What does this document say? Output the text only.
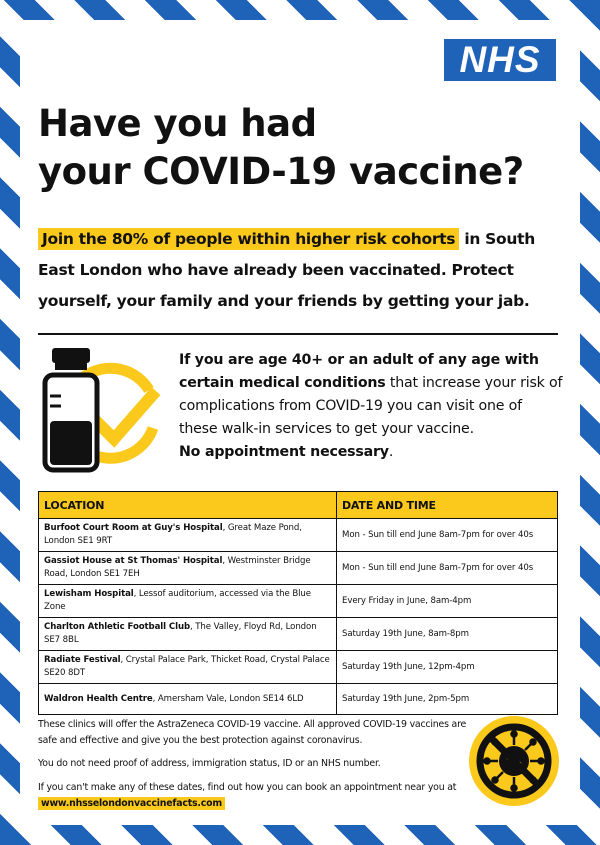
NHS
Have you had
your COVID-19 vaccine?

Join the 80% of people within higher risk cohorts in South East London who have already been vaccinated. Protect yourself, your family and your friends by getting your jab.

If you are age 40+ or an adult of any age with certain medical conditions that increase your risk of complications from COVID-19 you can visit one of these walk-in services to get your vaccine.
No appointment necessary.

LOCATION	DATE AND TIME
Burfoot Court Room at Guy's Hospital, Great Maze Pond, London SE1 9RT	Mon - Sun till end June 8am-7pm for over 40s
Gassiot House at St Thomas' Hospital, Westminster Bridge Road, London SE1 7EH	Mon - Sun till end June 8am-7pm for over 40s
Lewisham Hospital, Lessof auditorium, accessed via the Blue Zone	Every Friday in June, 8am-4pm
Charlton Athletic Football Club, The Valley, Floyd Rd, London SE7 8BL	Saturday 19th June, 8am-8pm
Radiate Festival, Crystal Palace Park, Thicket Road, Crystal Palace SE20 8DT	Saturday 19th June, 12pm-4pm
Waldron Health Centre, Amersham Vale, London SE14 6LD	Saturday 19th June, 2pm-5pm

These clinics will offer the AstraZeneca COVID-19 vaccine. All approved COVID-19 vaccines are safe and effective and give you the best protection against coronavirus.

You do not need proof of address, immigration status, ID or an NHS number.

If you can't make any of these dates, find out how you can book an appointment near you at www.nhsselondonvaccinefacts.com
